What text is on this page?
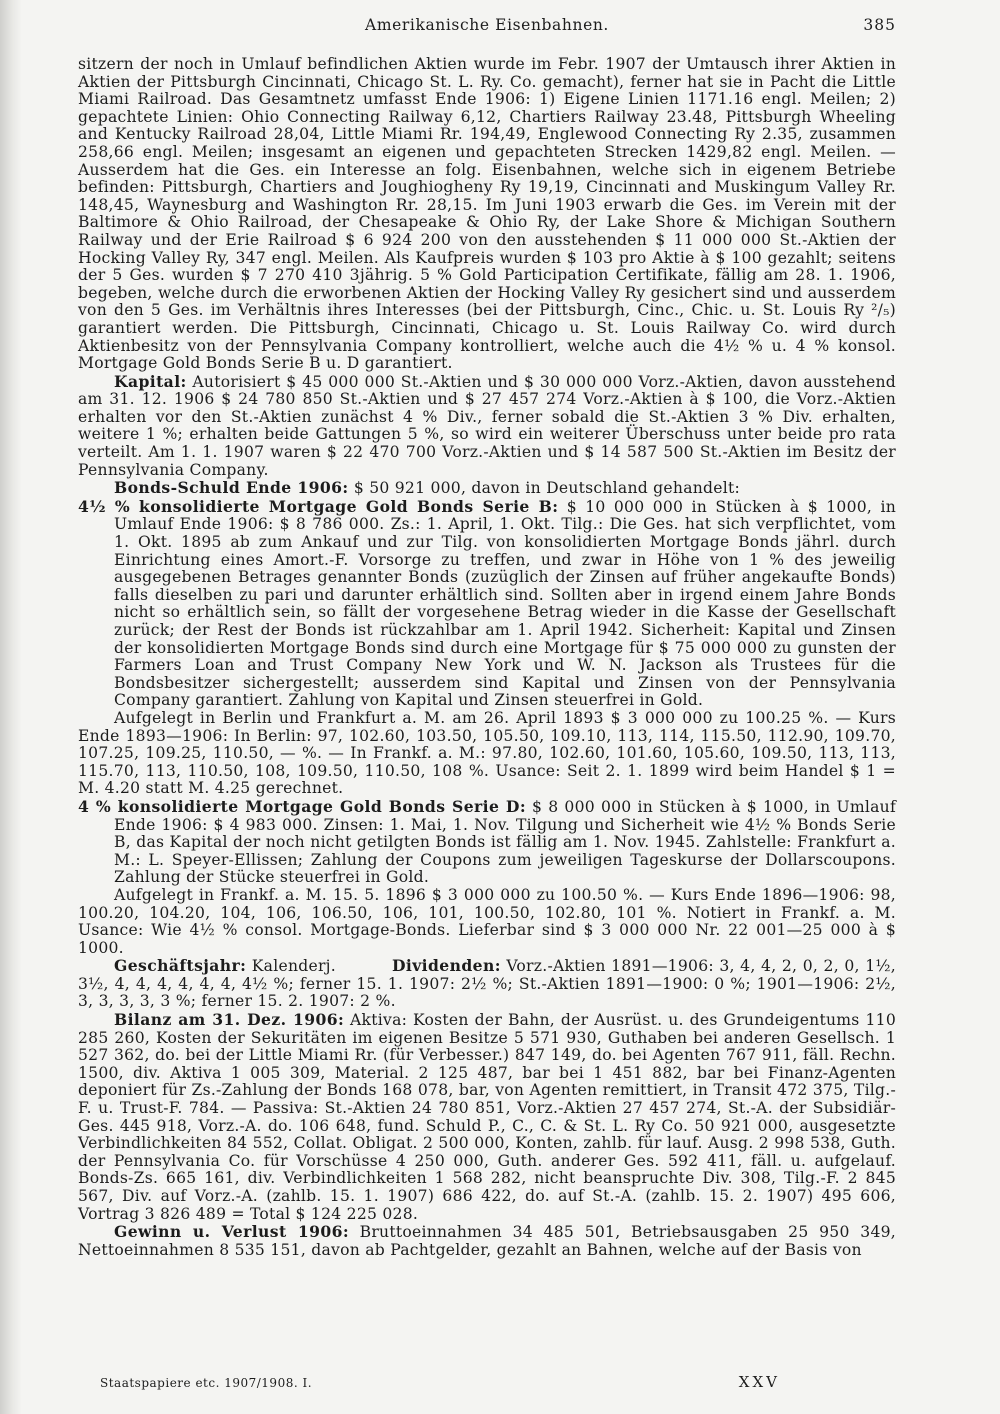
Amerikanische Eisenbahnen.	385

sitzern der noch in Umlauf befindlichen Aktien wurde im Febr. 1907 der Umtausch ihrer Aktien in Aktien der Pittsburgh Cincinnati, Chicago St. L. Ry. Co. gemacht), ferner hat sie in Pacht die Little Miami Railroad. Das Gesamtnetz umfasst Ende 1906: 1) Eigene Linien 1171.16 engl. Meilen; 2) gepachtete Linien: Ohio Connecting Railway 6,12, Chartiers Railway 23.48, Pittsburgh Wheeling and Kentucky Railroad 28,04, Little Miami Rr. 194,49, Englewood Connecting Ry 2.35, zusammen 258,66 engl. Meilen; insgesamt an eigenen und gepachteten Strecken 1429,82 engl. Meilen. — Ausserdem hat die Ges. ein Interesse an folg. Eisenbahnen, welche sich in eigenem Betriebe befinden: Pittsburgh, Chartiers and Joughiogheny Ry 19,19, Cincinnati and Muskingum Valley Rr. 148,45, Waynesburg and Washington Rr. 28,15. Im Juni 1903 erwarb die Ges. im Verein mit der Baltimore & Ohio Railroad, der Chesapeake & Ohio Ry, der Lake Shore & Michigan Southern Railway und der Erie Railroad $ 6 924 200 von den ausstehenden $ 11 000 000 St.-Aktien der Hocking Valley Ry, 347 engl. Meilen. Als Kaufpreis wurden $ 103 pro Aktie à $ 100 gezahlt; seitens der 5 Ges. wurden $ 7 270 410 3jährig. 5 % Gold Participation Certifikate, fällig am 28. 1. 1906, begeben, welche durch die erworbenen Aktien der Hocking Valley Ry gesichert sind und ausserdem von den 5 Ges. im Verhältnis ihres Interesses (bei der Pittsburgh, Cinc., Chic. u. St. Louis Ry ²/₅) garantiert werden. Die Pittsburgh, Cincinnati, Chicago u. St. Louis Railway Co. wird durch Aktienbesitz von der Pennsylvania Company kontrolliert, welche auch die 4½ % u. 4 % konsol. Mortgage Gold Bonds Serie B u. D garantiert.

Kapital: Autorisiert $ 45 000 000 St.-Aktien und $ 30 000 000 Vorz.-Aktien, davon ausstehend am 31. 12. 1906 $ 24 780 850 St.-Aktien und $ 27 457 274 Vorz.-Aktien à $ 100, die Vorz.-Aktien erhalten vor den St.-Aktien zunächst 4 % Div., ferner sobald die St.-Aktien 3 % Div. erhalten, weitere 1 %; erhalten beide Gattungen 5 %, so wird ein weiterer Überschuss unter beide pro rata verteilt. Am 1. 1. 1907 waren $ 22 470 700 Vorz.-Aktien und $ 14 587 500 St.-Aktien im Besitz der Pennsylvania Company.

Bonds-Schuld Ende 1906: $ 50 921 000, davon in Deutschland gehandelt:

4½ % konsolidierte Mortgage Gold Bonds Serie B: $ 10 000 000 in Stücken à $ 1000, in Umlauf Ende 1906: $ 8 786 000. Zs.: 1. April, 1. Okt. Tilg.: Die Ges. hat sich verpflichtet, vom 1. Okt. 1895 ab zum Ankauf und zur Tilg. von konsolidierten Mortgage Bonds jährl. durch Einrichtung eines Amort.-F. Vorsorge zu treffen, und zwar in Höhe von 1 % des jeweilig ausgegebenen Betrages genannter Bonds (zuzüglich der Zinsen auf früher angekaufte Bonds) falls dieselben zu pari und darunter erhältlich sind. Sollten aber in irgend einem Jahre Bonds nicht so erhältlich sein, so fällt der vorgesehene Betrag wieder in die Kasse der Gesellschaft zurück; der Rest der Bonds ist rückzahlbar am 1. April 1942. Sicherheit: Kapital und Zinsen der konsolidierten Mortgage Bonds sind durch eine Mortgage für $ 75 000 000 zu gunsten der Farmers Loan and Trust Company New York und W. N. Jackson als Trustees für die Bondsbesitzer sichergestellt; ausserdem sind Kapital und Zinsen von der Pennsylvania Company garantiert. Zahlung von Kapital und Zinsen steuerfrei in Gold.

Aufgelegt in Berlin und Frankfurt a. M. am 26. April 1893 $ 3 000 000 zu 100.25 %. — Kurs Ende 1893—1906: In Berlin: 97, 102.60, 103.50, 105.50, 109.10, 113, 114, 115.50, 112.90, 109.70, 107.25, 109.25, 110.50, — %. — In Frankf. a. M.: 97.80, 102.60, 101.60, 105.60, 109.50, 113, 113, 115.70, 113, 110.50, 108, 109.50, 110.50, 108 %. Usance: Seit 2. 1. 1899 wird beim Handel $ 1 = M. 4.20 statt M. 4.25 gerechnet.

4 % konsolidierte Mortgage Gold Bonds Serie D: $ 8 000 000 in Stücken à $ 1000, in Umlauf Ende 1906: $ 4 983 000. Zinsen: 1. Mai, 1. Nov. Tilgung und Sicherheit wie 4½ % Bonds Serie B, das Kapital der noch nicht getilgten Bonds ist fällig am 1. Nov. 1945. Zahlstelle: Frankfurt a. M.: L. Speyer-Ellissen; Zahlung der Coupons zum jeweiligen Tageskurse der Dollarscoupons. Zahlung der Stücke steuerfrei in Gold.

Aufgelegt in Frankf. a. M. 15. 5. 1896 $ 3 000 000 zu 100.50 %. — Kurs Ende 1896—1906: 98, 100.20, 104.20, 104, 106, 106.50, 106, 101, 100.50, 102.80, 101 %. Notiert in Frankf. a. M. Usance: Wie 4½ % consol. Mortgage-Bonds. Lieferbar sind $ 3 000 000 Nr. 22 001—25 000 à $ 1000.

Geschäftsjahr: Kalenderj.	Dividenden: Vorz.-Aktien 1891—1906: 3, 4, 4, 2, 0, 2, 0, 1½, 3½, 4, 4, 4, 4, 4, 4, 4½ %; ferner 15. 1. 1907: 2½ %; St.-Aktien 1891—1900: 0 %; 1901—1906: 2½, 3, 3, 3, 3, 3 %; ferner 15. 2. 1907: 2 %.

Bilanz am 31. Dez. 1906: Aktiva: Kosten der Bahn, der Ausrüst. u. des Grundeigentums 110 285 260, Kosten der Sekuritäten im eigenen Besitze 5 571 930, Guthaben bei anderen Gesellsch. 1 527 362, do. bei der Little Miami Rr. (für Verbesser.) 847 149, do. bei Agenten 767 911, fäll. Rechn. 1500, div. Aktiva 1 005 309, Material. 2 125 487, bar bei 1 451 882, bar bei Finanz-Agenten deponiert für Zs.-Zahlung der Bonds 168 078, bar, von Agenten remittiert, in Transit 472 375, Tilg.-F. u. Trust-F. 784. — Passiva: St.-Aktien 24 780 851, Vorz.-Aktien 27 457 274, St.-A. der Subsidiär-Ges. 445 918, Vorz.-A. do. 106 648, fund. Schuld P., C., C. & St. L. Ry Co. 50 921 000, ausgesetzte Verbindlichkeiten 84 552, Collat. Obligat. 2 500 000, Konten, zahlb. für lauf. Ausg. 2 998 538, Guth. der Pennsylvania Co. für Vorschüsse 4 250 000, Guth. anderer Ges. 592 411, fäll. u. aufgelauf. Bonds-Zs. 665 161, div. Verbindlichkeiten 1 568 282, nicht beanspruchte Div. 308, Tilg.-F. 2 845 567, Div. auf Vorz.-A. (zahlb. 15. 1. 1907) 686 422, do. auf St.-A. (zahlb. 15. 2. 1907) 495 606, Vortrag 3 826 489 = Total $ 124 225 028.

Gewinn u. Verlust 1906: Bruttoeinnahmen 34 485 501, Betriebsausgaben 25 950 349, Nettoeinnahmen 8 535 151, davon ab Pachtgelder, gezahlt an Bahnen, welche auf der Basis von

Staatspapiere etc. 1907/1908. I.	XXV
